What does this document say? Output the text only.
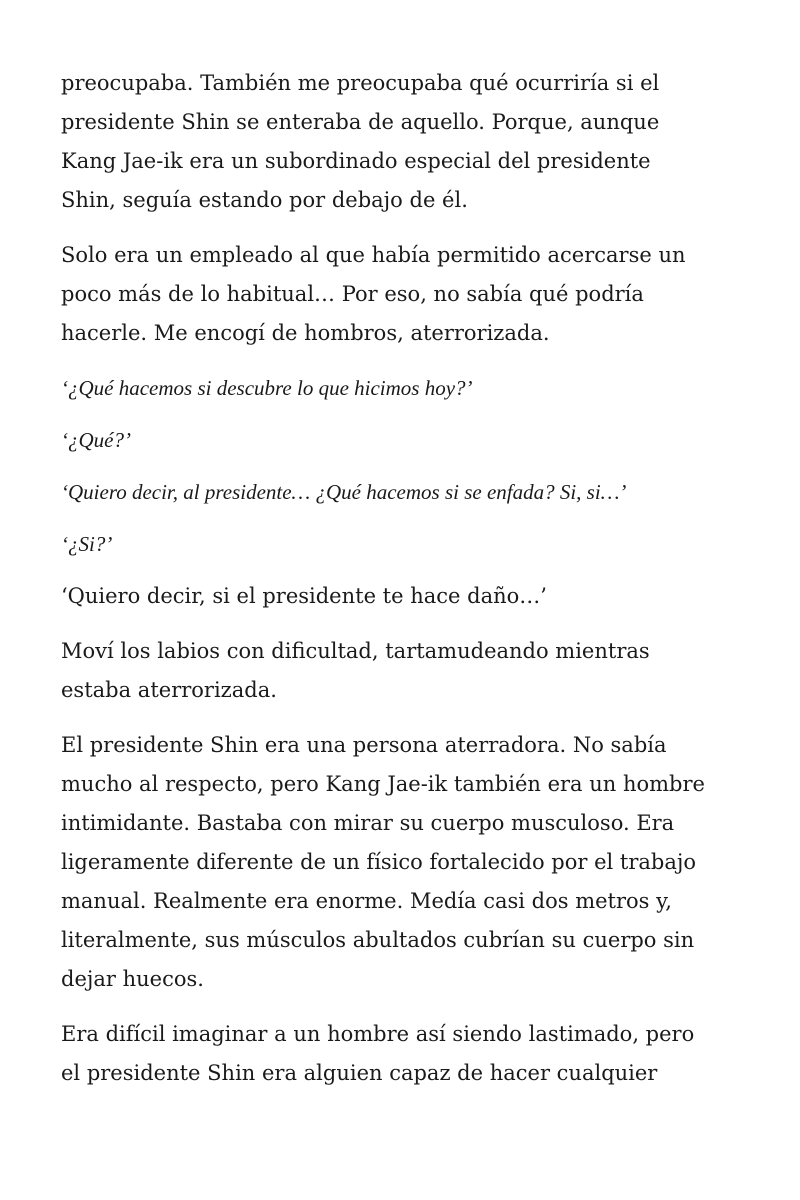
preocupaba. También me preocupaba qué ocurriría si el
presidente Shin se enteraba de aquello. Porque, aunque
Kang Jae-ik era un subordinado especial del presidente
Shin, seguía estando por debajo de él.

Solo era un empleado al que había permitido acercarse un
poco más de lo habitual… Por eso, no sabía qué podría
hacerle. Me encogí de hombros, aterrorizada.

‘¿Qué hacemos si descubre lo que hicimos hoy?’

‘¿Qué?’

‘Quiero decir, al presidente… ¿Qué hacemos si se enfada? Si, si…’

‘¿Si?’

‘Quiero decir, si el presidente te hace daño…’

Moví los labios con dificultad, tartamudeando mientras
estaba aterrorizada.

El presidente Shin era una persona aterradora. No sabía
mucho al respecto, pero Kang Jae-ik también era un hombre
intimidante. Bastaba con mirar su cuerpo musculoso. Era
ligeramente diferente de un físico fortalecido por el trabajo
manual. Realmente era enorme. Medía casi dos metros y,
literalmente, sus músculos abultados cubrían su cuerpo sin
dejar huecos.

Era difícil imaginar a un hombre así siendo lastimado, pero
el presidente Shin era alguien capaz de hacer cualquier
